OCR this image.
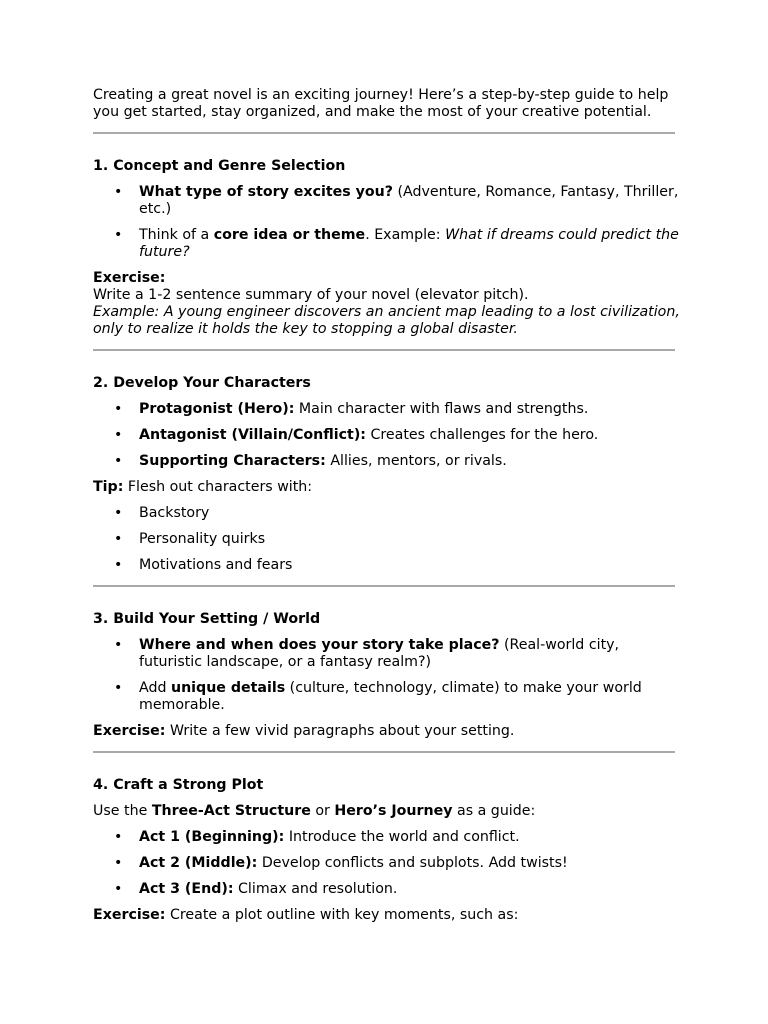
Creating a great novel is an exciting journey! Here’s a step-by-step guide to help you get started, stay organized, and make the most of your creative potential.

1. Concept and Genre Selection
• What type of story excites you? (Adventure, Romance, Fantasy, Thriller, etc.)
• Think of a core idea or theme. Example: What if dreams could predict the future?

Exercise:

Write a 1-2 sentence summary of your novel (elevator pitch).

Example: A young engineer discovers an ancient map leading to a lost civilization, only to realize it holds the key to stopping a global disaster.

2. Develop Your Characters
• Protagonist (Hero): Main character with flaws and strengths.
• Antagonist (Villain/Conflict): Creates challenges for the hero.
• Supporting Characters: Allies, mentors, or rivals.

Tip: Flesh out characters with:

• Backstory
• Personality quirks
• Motivations and fears
3. Build Your Setting / World
• Where and when does your story take place? (Real-world city, futuristic landscape, or a fantasy realm?)
• Add unique details (culture, technology, climate) to make your world memorable.

Exercise: Write a few vivid paragraphs about your setting.

4. Craft a Strong Plot

Use the Three-Act Structure or Hero’s Journey as a guide:

• Act 1 (Beginning): Introduce the world and conflict.
• Act 2 (Middle): Develop conflicts and subplots. Add twists!
• Act 3 (End): Climax and resolution.

Exercise: Create a plot outline with key moments, such as:
